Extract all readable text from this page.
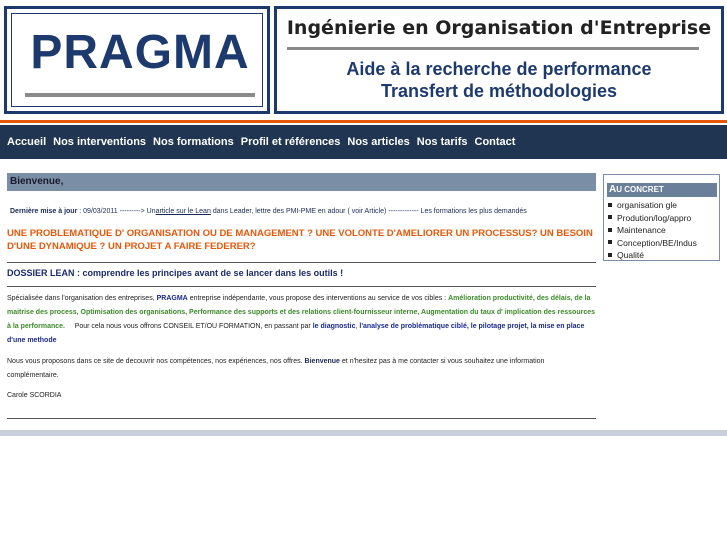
PRAGMA	Ingénierie en Organisation d'Entreprise
Aide à la recherche de performance
Transfert de méthodologies
Accueil Nos interventions Nos formations Profil et références Nos articles Nos tarifs Contact
Bienvenue,
Dernière mise à jour : 09/03/2011 ---------> Unarticle sur le Lean dans Leader, lettre des PMI-PME en adour ( voir Article) ------------- Les formations les plus demandés
UNE PROBLEMATIQUE D' ORGANISATION OU DE MANAGEMENT ? UNE VOLONTE D'AMELIORER UN PROCESSUS? UN BESOIN D'UNE DYNAMIQUE ? UN PROJET A FAIRE FEDERER?
DOSSIER LEAN : comprendre les principes avant de se lancer dans les outils !
Spécialisée dans l'organisation des entreprises, PRAGMA entreprise indépendante, vous propose des interventions au service de vos cibles : Amélioration productivité, des délais, de la maitrise des process, Optimisation des organisations, Performance des supports et des relations client-fournisseur interne, Augmentation du taux d' implication des ressources à la performance. Pour cela nous vous offrons CONSEIL ET/OU FORMATION, en passant par le diagnostic, l'analyse de problématique ciblé, le pilotage projet, la mise en place d'une methode
Nous vous proposons dans ce site de decouvrir nos compétences, nos expériences, nos offres. Bienvenue et n'hesitez pas à me contacter si vous souhaitez une information complémentaire.
Carole SCORDIA
AU CONCRET
organisation gle
Prodution/log/appro
Maintenance
Conception/BE/Indus
Qualité
